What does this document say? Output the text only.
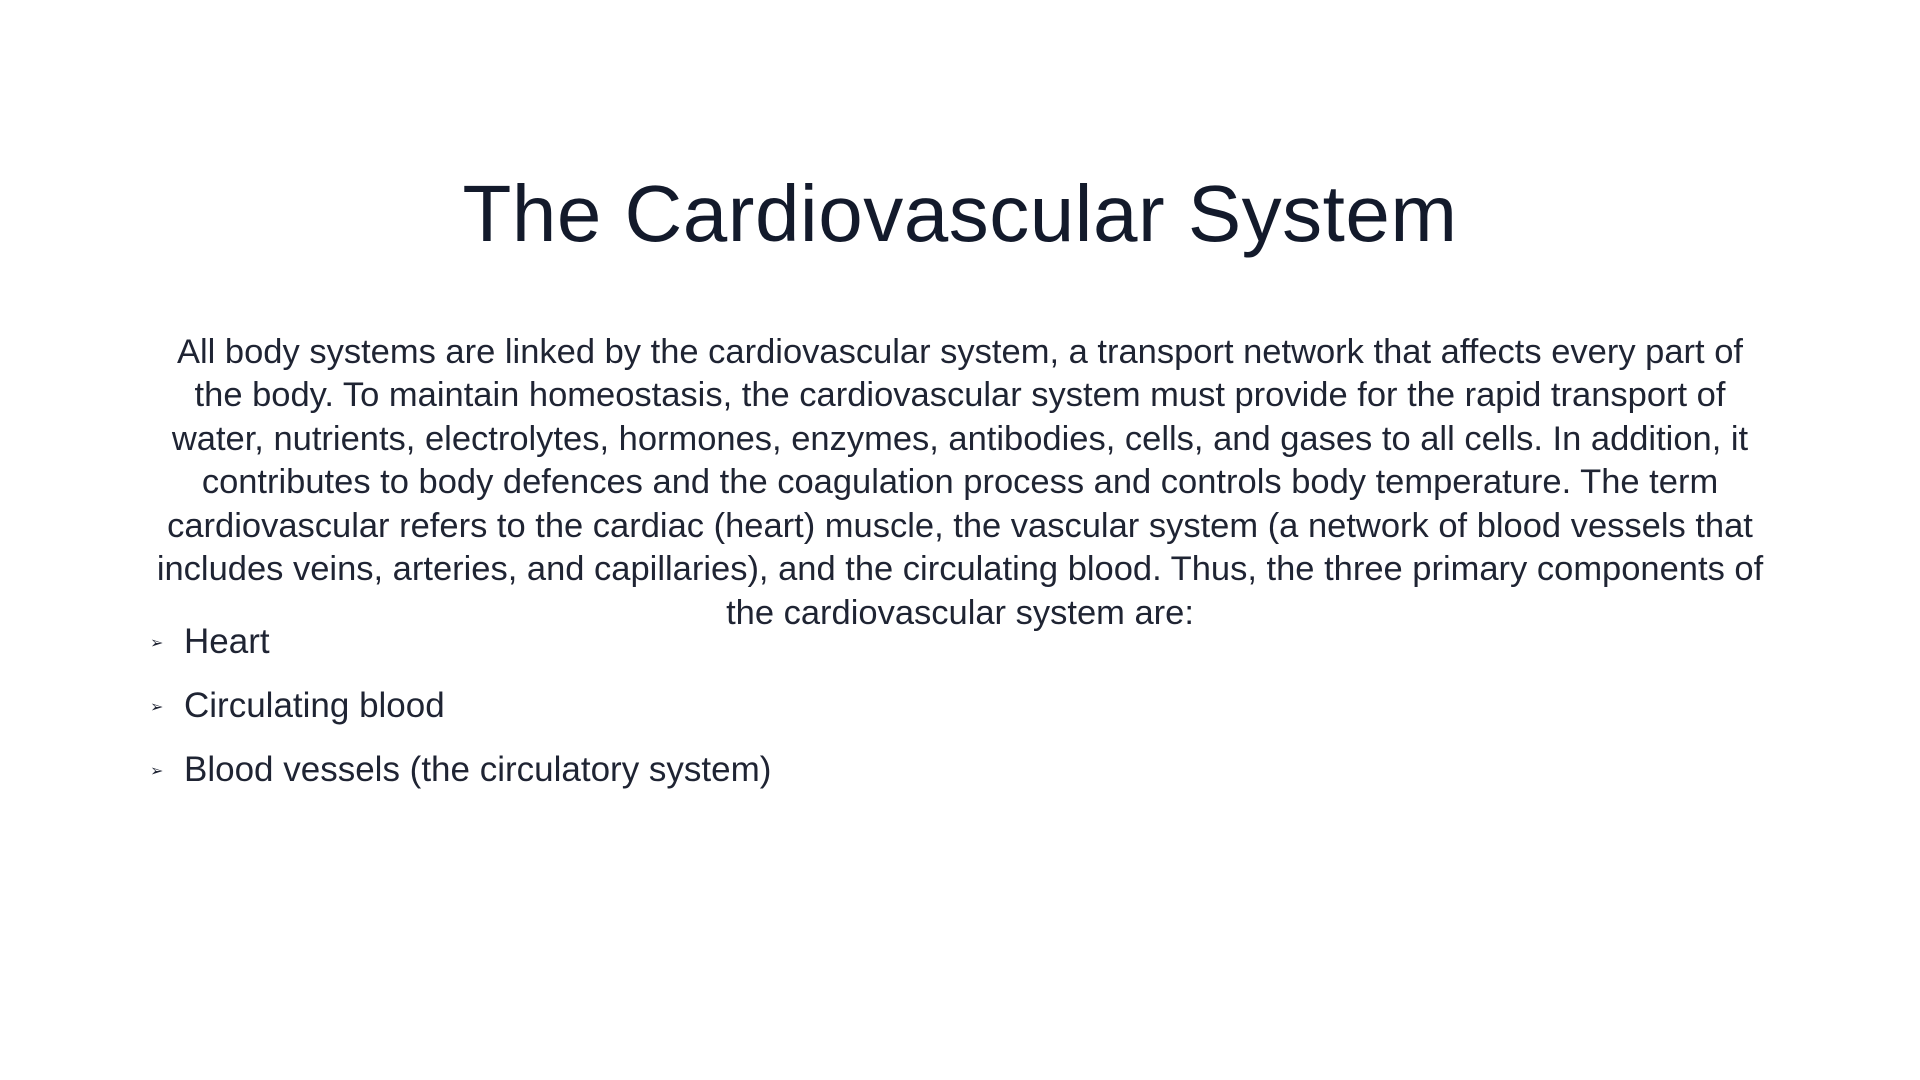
The Cardiovascular System

All body systems are linked by the cardiovascular system, a transport network that affects every part of the body. To maintain homeostasis, the cardiovascular system must provide for the rapid transport of water, nutrients, electrolytes, hormones, enzymes, antibodies, cells, and gases to all cells. In addition, it contributes to body defences and the coagulation process and controls body temperature. The term cardiovascular refers to the cardiac (heart) muscle, the vascular system (a network of blood vessels that includes veins, arteries, and capillaries), and the circulating blood. Thus, the three primary components of the cardiovascular system are:

➢ Heart
➢ Circulating blood
➢ Blood vessels (the circulatory system)
